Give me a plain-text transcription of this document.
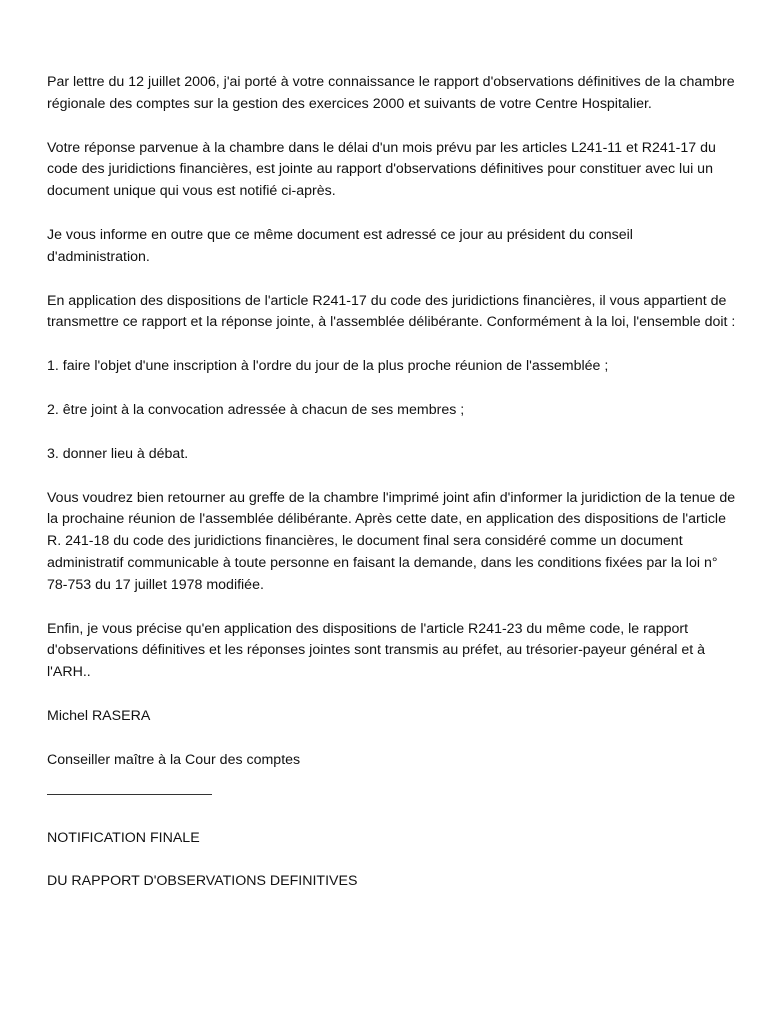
Par lettre du 12 juillet 2006, j'ai porté à votre connaissance le rapport d'observations définitives de la chambre régionale des comptes sur la gestion des exercices 2000 et suivants de votre Centre Hospitalier.

Votre réponse parvenue à la chambre dans le délai d'un mois prévu par les articles L241-11 et R241-17 du code des juridictions financières, est jointe au rapport d'observations définitives pour constituer avec lui un document unique qui vous est notifié ci-après.

Je vous informe en outre que ce même document est adressé ce jour au président du conseil d'administration.

En application des dispositions de l'article R241-17 du code des juridictions financières, il vous appartient de transmettre ce rapport et la réponse jointe, à l'assemblée délibérante. Conformément à la loi, l'ensemble doit :

1. faire l'objet d'une inscription à l'ordre du jour de la plus proche réunion de l'assemblée ;

2. être joint à la convocation adressée à chacun de ses membres ;

3. donner lieu à débat.

Vous voudrez bien retourner au greffe de la chambre l'imprimé joint afin d'informer la juridiction de la tenue de la prochaine réunion de l'assemblée délibérante. Après cette date, en application des dispositions de l'article R. 241-18 du code des juridictions financières, le document final sera considéré comme un document administratif communicable à toute personne en faisant la demande, dans les conditions fixées par la loi n° 78-753 du 17 juillet 1978 modifiée.

Enfin, je vous précise qu'en application des dispositions de l'article R241-23 du même code, le rapport d'observations définitives et les réponses jointes sont transmis au préfet, au trésorier-payeur général et à l'ARH..

Michel RASERA

Conseiller maître à la Cour des comptes

NOTIFICATION FINALE

DU RAPPORT D'OBSERVATIONS DEFINITIVES
